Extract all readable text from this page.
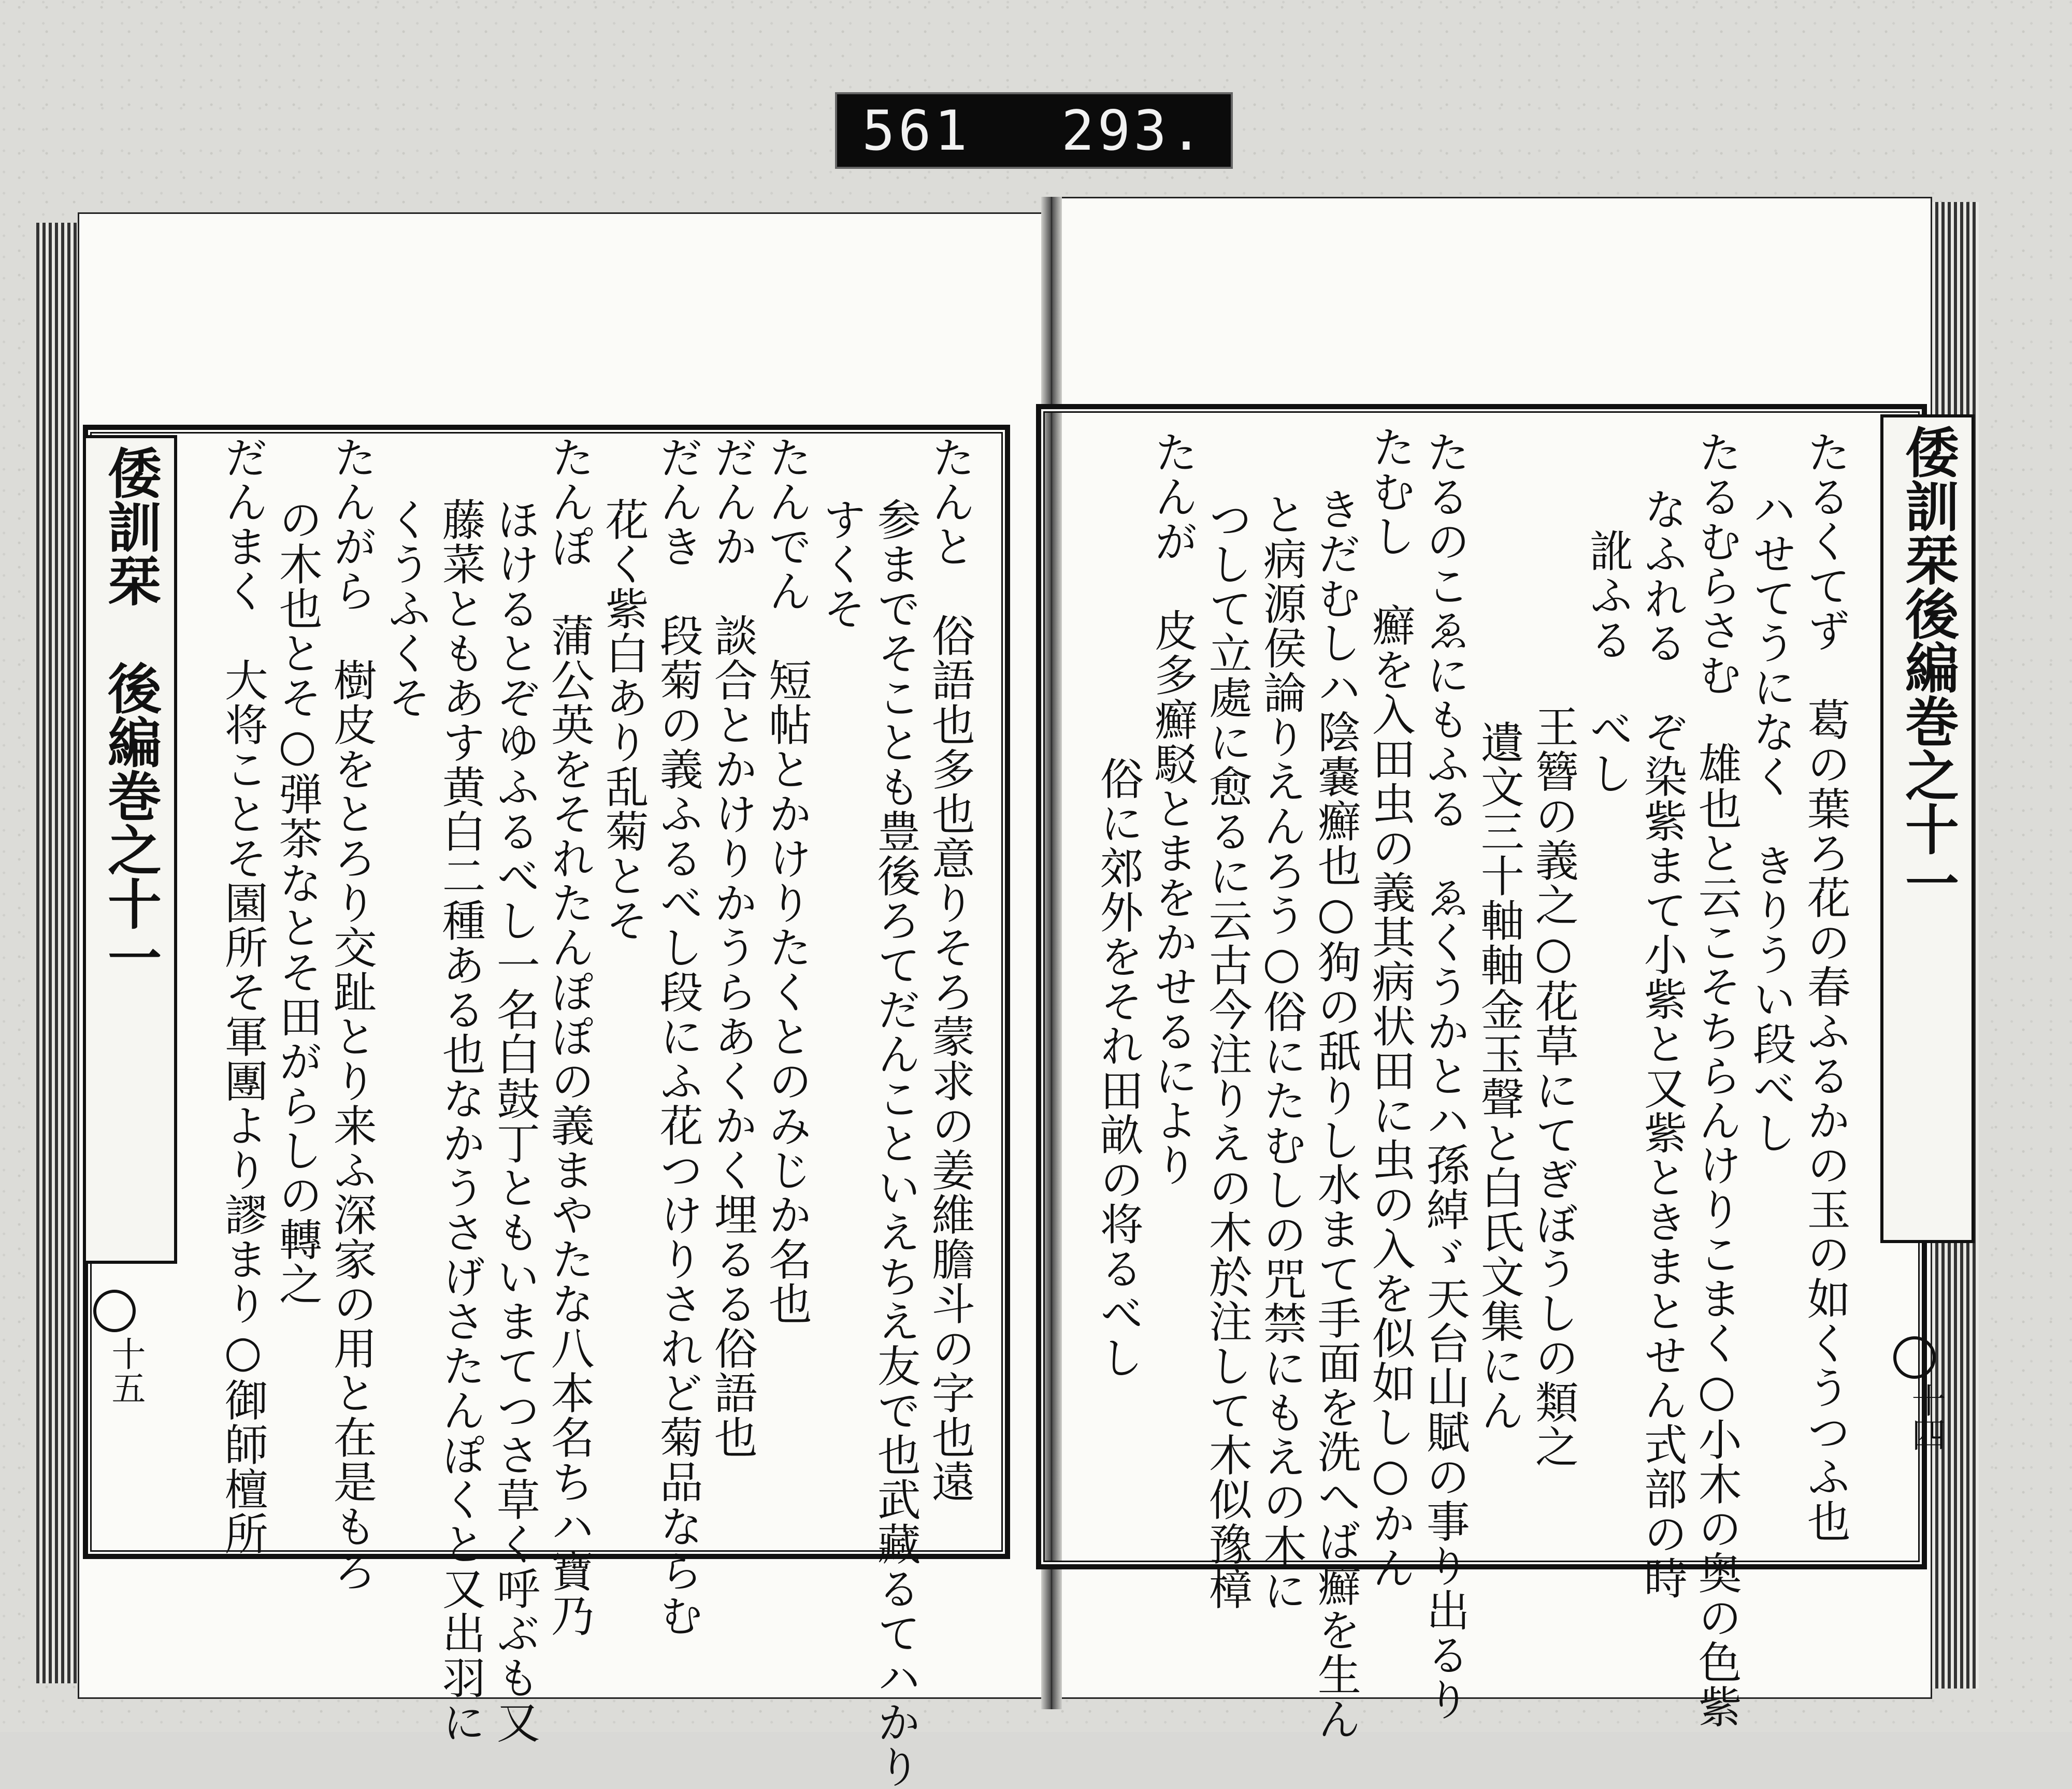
561 293.
倭訓栞後編巻之十一
十四
たるくてず　葛の葉ろ花の春ふるかの玉の如くうつふ也
ハせてうになく　きりうい段べし
たるむらさむ　雄也と云こそちらんけりこまく○小木の奥の色紫
なふれる　ぞ染紫まて小紫と又紫ときまとせん式部の時
訛ふる　べし
王簪の義之○花草にてぎぼうしの類之
遺文三十軸軸金玉聲と白氏文集にん
たるのこゑにもふる　ゑくうかとハ孫綽ゞ天台山賦の事り出るり
たむし　癬を入田虫の義其病状田に虫の入を似如し○かん
きだむしハ陰嚢癬也○狗の舐りし水まて手面を洗へば癬を生ん
と病源侯論りえんろう○俗にたむしの咒禁にもえの木に
つして立處に愈るに云古今注りえの木於注して木似豫樟
たんが　皮多癬駁とまをかせるにより
俗に郊外をそれ田畝の将るべし
倭訓栞　後編巻之十一
十五	たんと　俗語也多也意りそろ蒙求の姜維膽斗の字也遠
参までそことも豊後ろてだんこといえちえ友で也武藏るてハかり
すくそ
たんでん　短帖とかけりたくとのみじか名也
だんか　談合とかけりかうらあくかく埋るる俗語也
だんき　段菊の義ふるべし段にふ花つけりされど菊品ならむ
花く紫白あり乱菊とそ
たんぽ　蒲公英をそれたんぽぽの義まやたな八本名ちハ寶乃
ほけるとぞゆふるべし一名白鼓丁ともいまてつさ草く呼ぶも又
藤菜ともあす黄白二種ある也なかうさげさたんぽくと又出羽に
くうふくそ
たんがら　樹皮をとろり交趾とり来ふ深家の用と在是もろ
の木也とそ○弾茶なとそ田がらしの轉之
だんまく　大将ことそ園所そ軍團より謬まり○御師檀所
